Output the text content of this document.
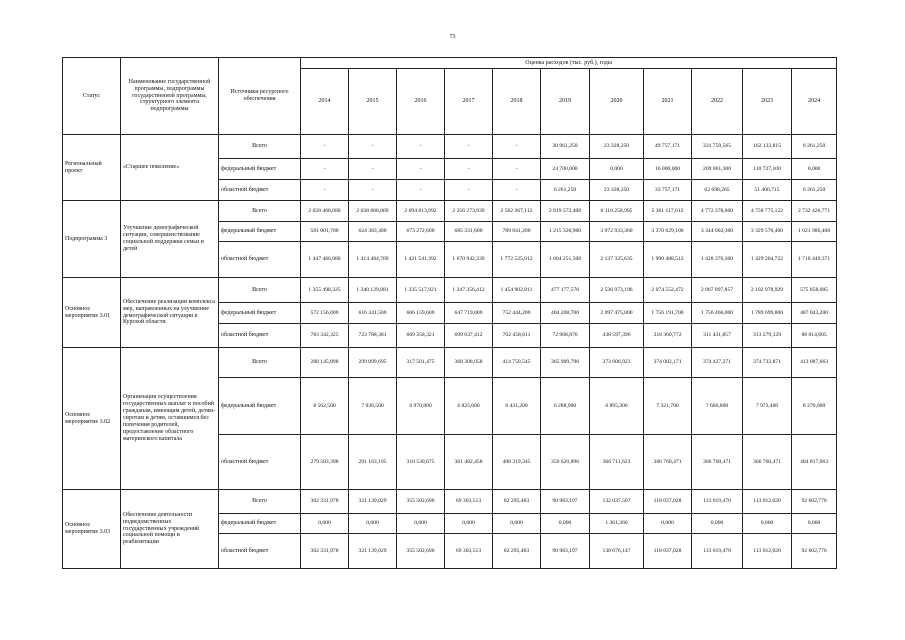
73
Статус	Наименование государственной программы, подпрограммы государственной программы, структурного элемента подпрограммы	Источники ресурсного обеспечения	Оценка расходов (тыс. руб.), годы										
			2014	2015	2016	2017	2018	2019	2020	2021	2022	2023	2024
Региональный проект	«Старшее поколение»	Всего	-	-	-	-	-	30 961,250	23 328,250	49 757,171	331 759,565	162 133,815	6 261,250
		федеральный бюджет	-	-	-	-	-	24 700,000	0,000	16 000,000	269 061,300	110 727,100	0,000
		областной бюджет	-	-	-	-	-	6 261,250	23 328,250	33 757,171	62 698,265	51 406,715	6 261,250
Подпрограмма 3	Улучшение демографической ситуации, совершенствование социальной поддержки семьи и детей	Всего	2 028 468,680	2 038 868,069	2 094 813,992	2 356 273,939	2 562 367,112	2 819 572,408	6 110 258,995	5 361 117,612	4 772 378,600	4 758 775,122	2 732 426,771
		федеральный бюджет	581 001,700	624 383,300	673 272,600	685 331,600	789 841,200	1 215 320,900	3 972 933,360	3 370 629,100	3 344 002,300	3 329 570,400	1 021 986,400
		областной бюджет	1 447 466,980	1 414 484,769	1 421 541,392	1 670 942,339	1 772 525,912	1 604 251,508	2 137 325,635	1 990 488,512	1 428 376,300	1 429 204,722	1 710 440,371
Основное мероприятие 3.01	Обеспечение реализации комплекса мер, направленных на улучшение демографической ситуации в Курской области	Всего	1 355 498,325	1 340 129,881	1 335 517,921	1 347 356,412	1 454 902,811	477 177,576	2 536 073,196	2 074 552,472	2 067 897,857	2 102 978,929	575 858,005
		федеральный бюджет	572 156,000	616 341,500	666 159,600	647 719,000	752 444,200	404 208,700	2 097 475,800	1 756 191,700	1 756 466,000	1 789 699,800	487 043,200
		областной бюджет	783 342,325	723 788,381	669 358,321	699 637,412	702 458,611	72 968,876	438 597,396	318 360,772	311 431,857	313 279,129	88 814,805
Основное мероприятие 3.02	Организация осуществления государственных выплат и пособий гражданам, имеющим детей, детям-сиротам и детям, оставшимся без попечения родителей, предоставление областного материнского капитала	Всего	288 145,898	299 099,695	317 501,475	368 308,058	414 750,545	365 909,796	373 606,923	374 082,171	374 427,271	374 733,871	413 087,663
		федеральный бюджет	8 562,500	7 936,500	6 970,800	6 825,600	6 431,200	6 288,900	6 895,300	7 321,700	7 666,800	7 973,400	8 270,600
		областной бюджет	279 583,398	291 163,195	310 530,675	361 482,458	408 319,345	359 620,896	366 711,623	366 760,471	366 760,471	366 760,471	404 817,063
Основное мероприятие 3.03	Обеспечение деятельности подведомственных государственных учреждений социальной помощи и реабилитации	Всего	302 331,978	321 139,029	355 502,696	69 303,513	82 295,483	90 983,197	132 037,507	118 037,028	113 019,470	113 012,020	92 602,776
		федеральный бюджет	0,000	0,000	0,000	0,000	0,000	0,000	1 361,360	0,000	0,000	0,000	0,000
		областной бюджет	302 331,978	321 139,029	355 502,696	69 303,513	82 295,483	90 983,197	130 676,147	118 037,028	113 019,470	113 012,020	92 602,776
